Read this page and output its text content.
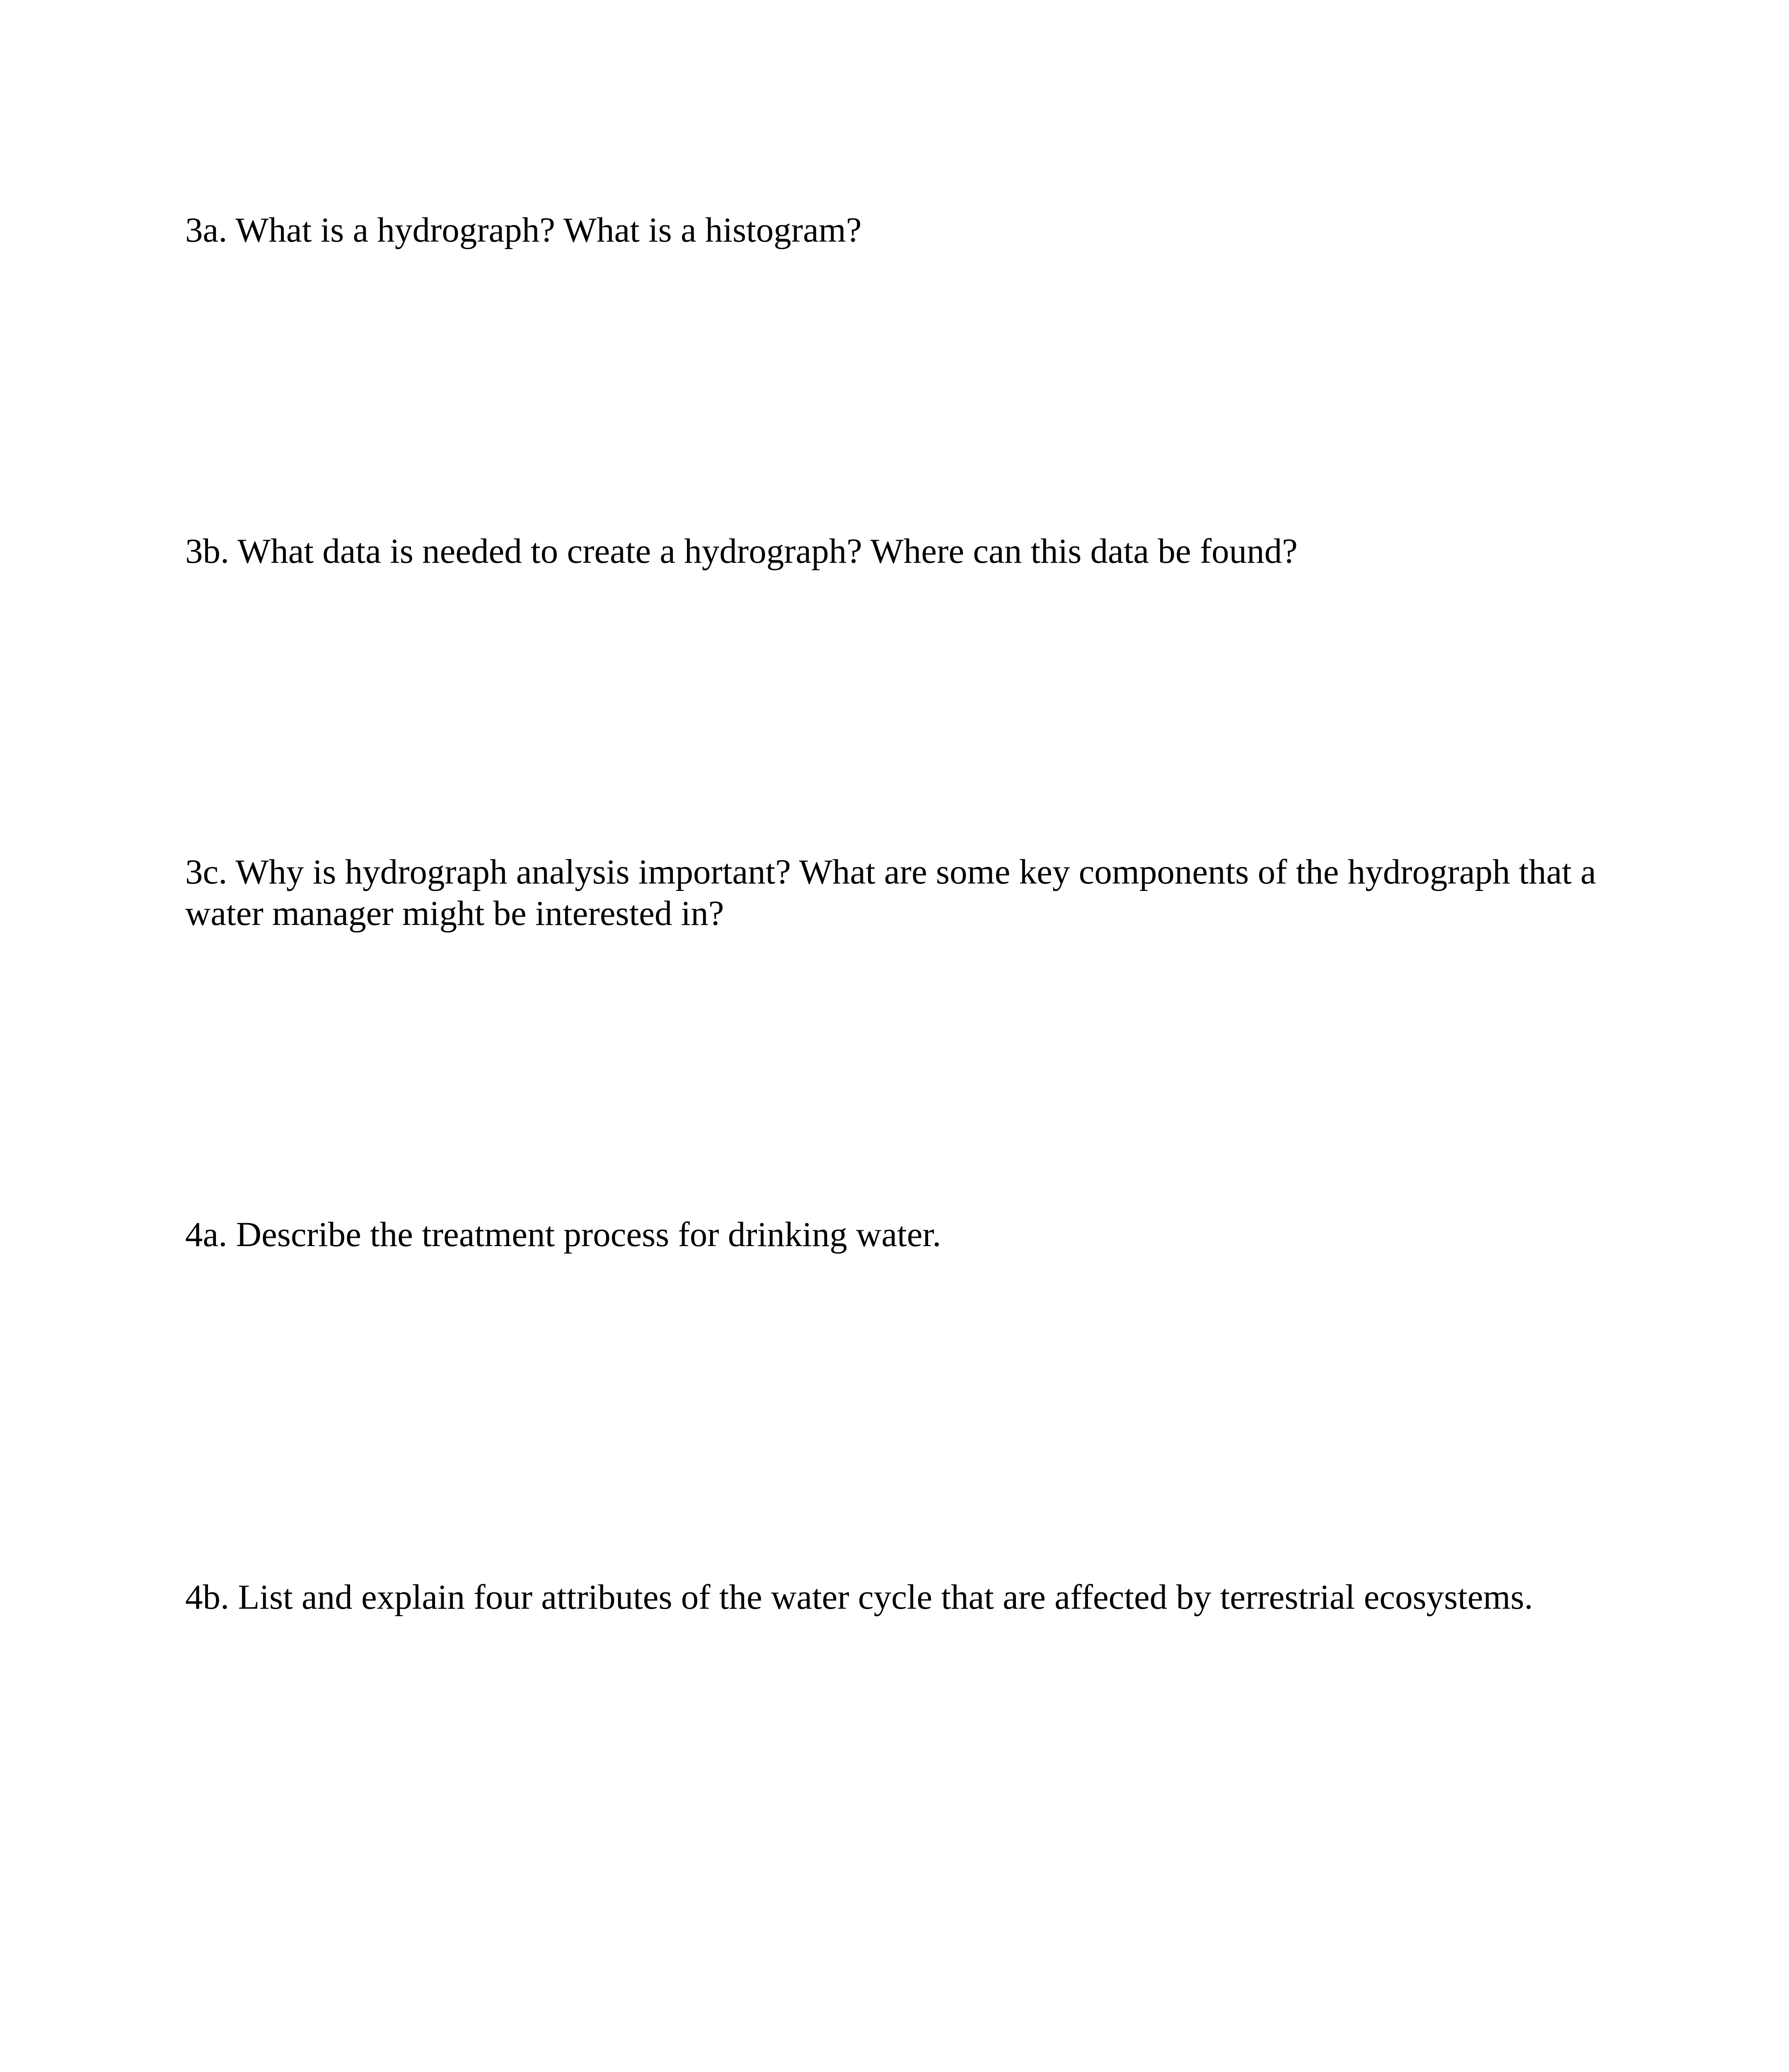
3a. What is a hydrograph? What is a histogram?

3b. What data is needed to create a hydrograph? Where can this data be found?

3c. Why is hydrograph analysis important? What are some key components of the hydrograph that a water manager might be interested in?

4a. Describe the treatment process for drinking water.

4b. List and explain four attributes of the water cycle that are affected by terrestrial ecosystems.
